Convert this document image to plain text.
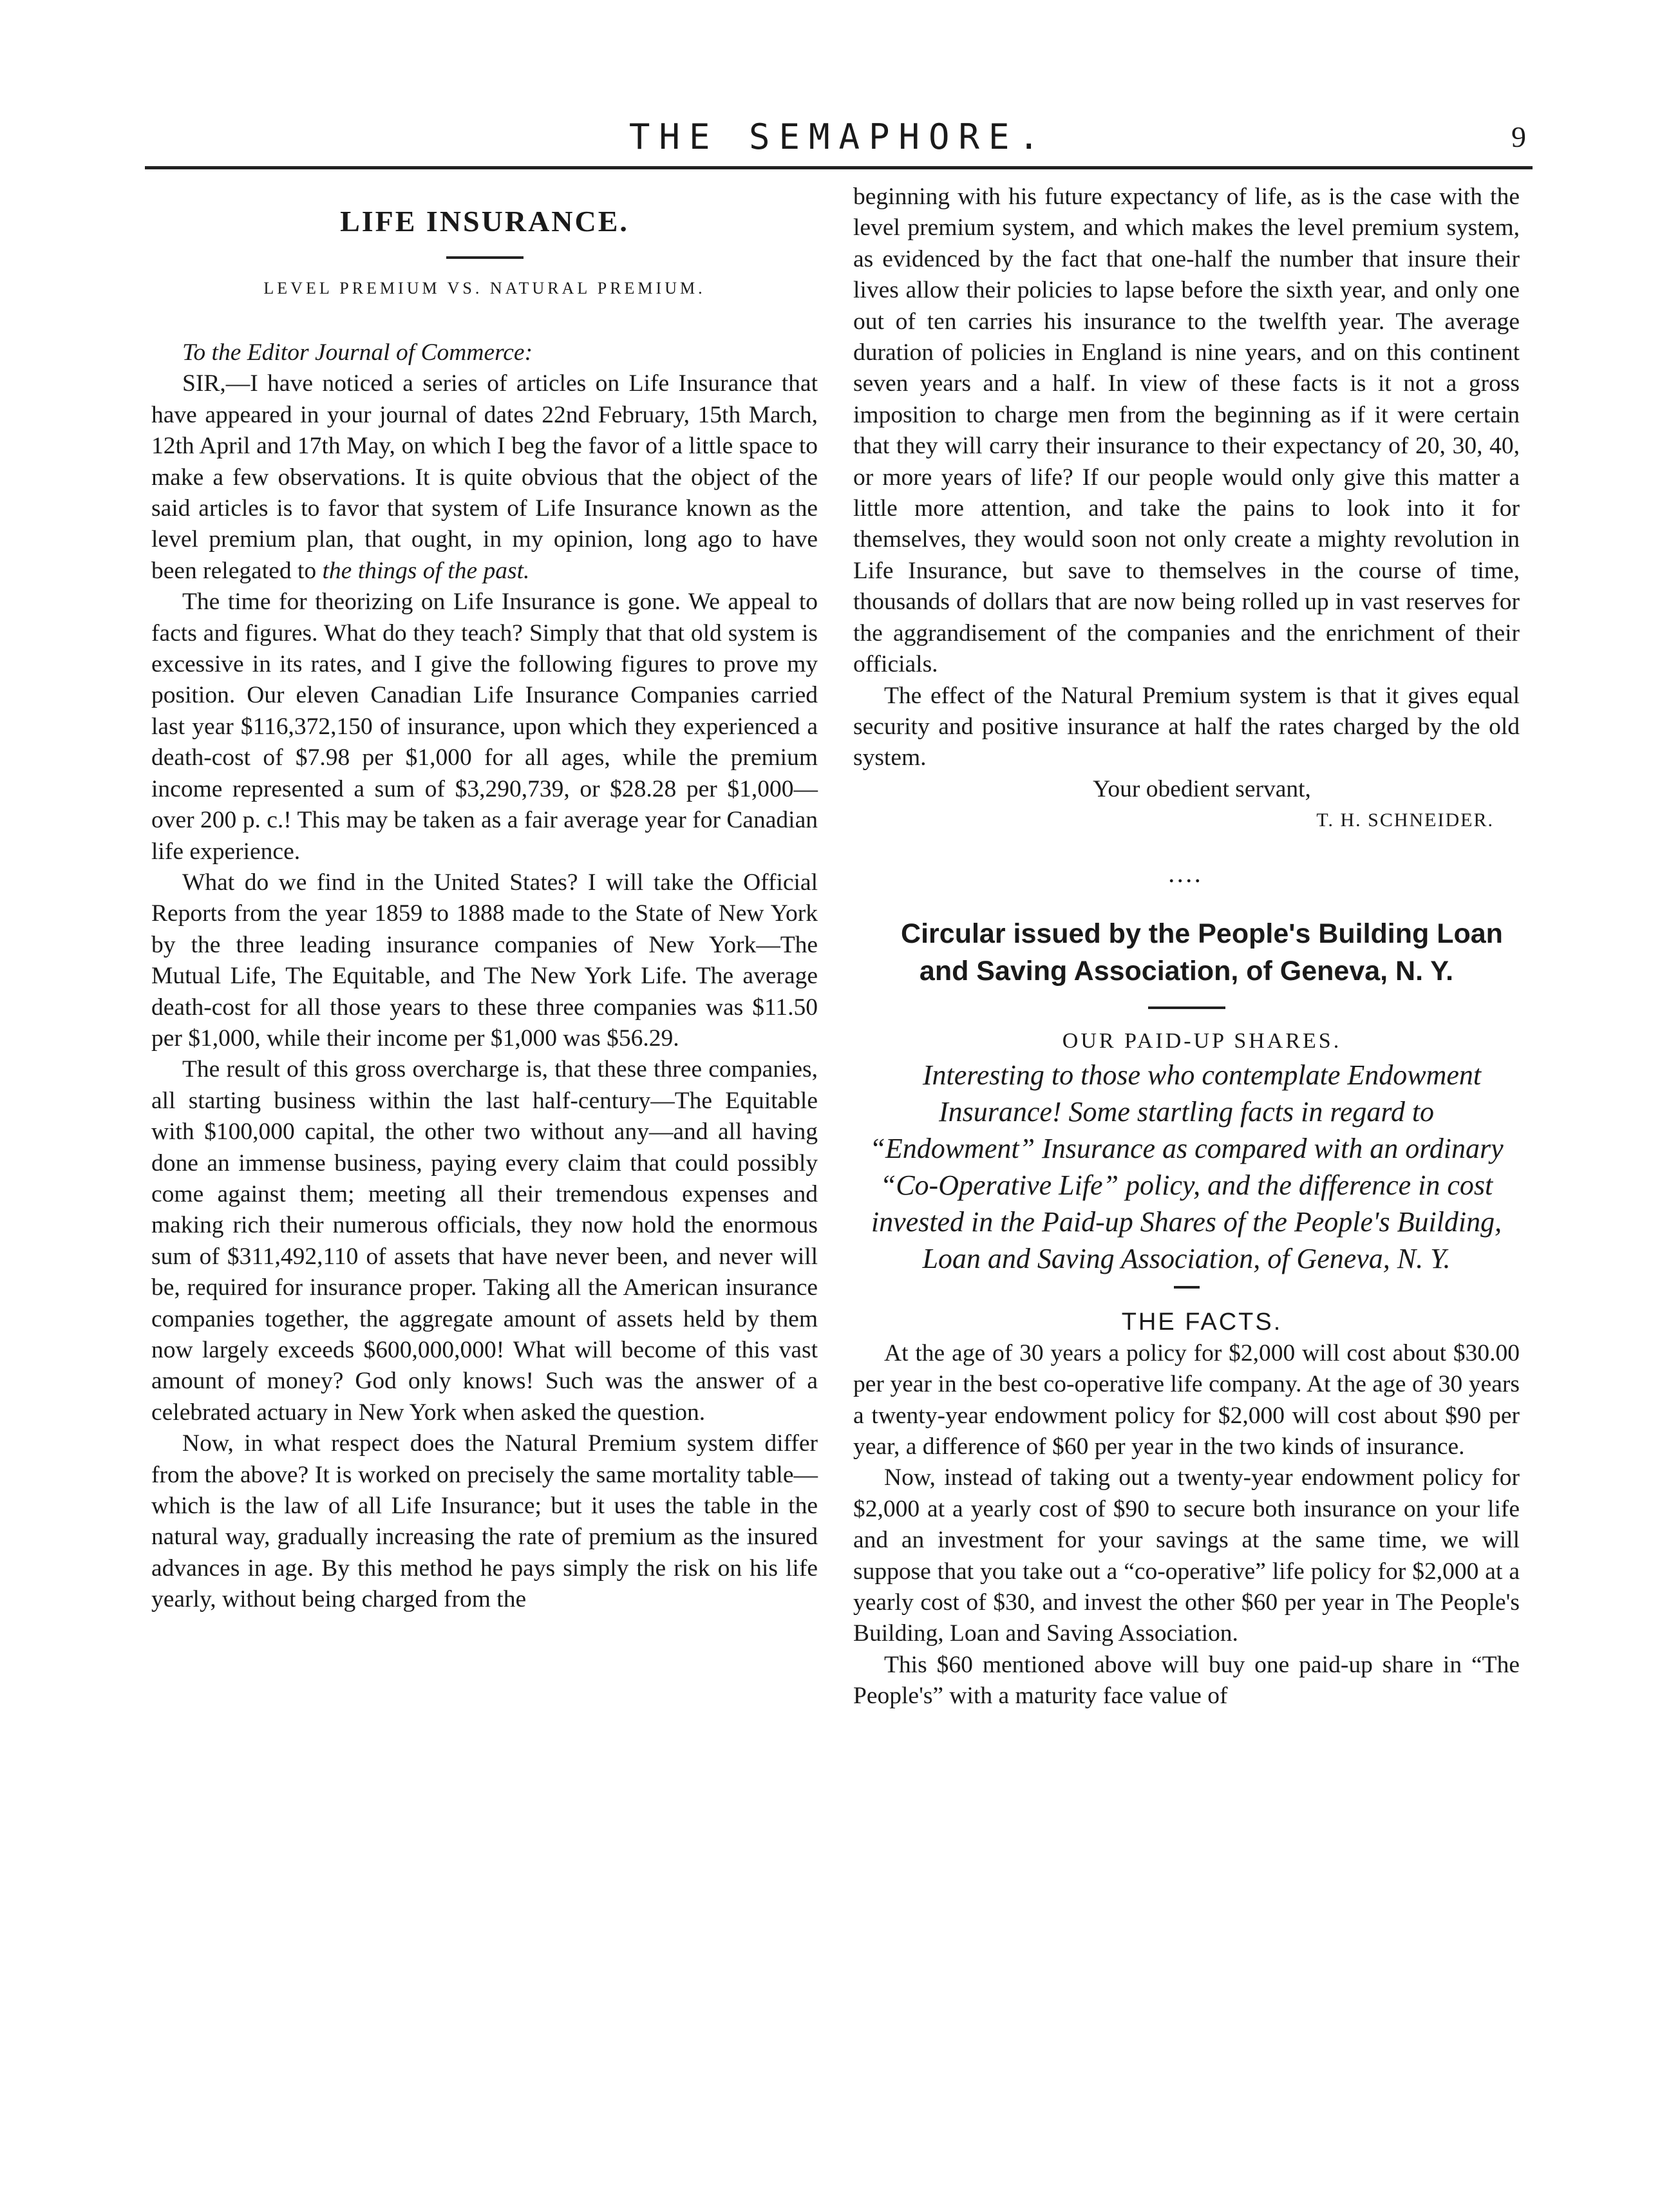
THE SEMAPHORE.	9
LIFE INSURANCE.
LEVEL PREMIUM VS. NATURAL PREMIUM.

To the Editor Journal of Commerce:

SIR,—I have noticed a series of articles on Life Insurance that have appeared in your journal of dates 22nd February, 15th March, 12th April and 17th May, on which I beg the favor of a little space to make a few observations. It is quite obvious that the object of the said articles is to favor that system of Life Insurance known as the level premium plan, that ought, in my opinion, long ago to have been relegated to the things of the past.

The time for theorizing on Life Insurance is gone. We appeal to facts and figures. What do they teach? Simply that that old system is excessive in its rates, and I give the following figures to prove my position. Our eleven Canadian Life Insurance Companies carried last year $116,372,150 of insurance, upon which they experienced a death-cost of $7.98 per $1,000 for all ages, while the premium income represented a sum of $3,290,739, or $28.28 per $1,000—over 200 p. c.! This may be taken as a fair average year for Canadian life experience.

What do we find in the United States? I will take the Official Reports from the year 1859 to 1888 made to the State of New York by the three leading insurance companies of New York—The Mutual Life, The Equitable, and The New York Life. The average death-cost for all those years to these three companies was $11.50 per $1,000, while their income per $1,000 was $56.29.

The result of this gross overcharge is, that these three companies, all starting business within the last half-century—The Equitable with $100,000 capital, the other two without any—and all having done an immense business, paying every claim that could possibly come against them; meeting all their tremendous expenses and making rich their numerous officials, they now hold the enormous sum of $311,492,110 of assets that have never been, and never will be, required for insurance proper. Taking all the American insurance companies together, the aggregate amount of assets held by them now largely exceeds $600,000,000! What will become of this vast amount of money? God only knows! Such was the answer of a celebrated actuary in New York when asked the question.

Now, in what respect does the Natural Premium system differ from the above? It is worked on precisely the same mortality table—which is the law of all Life Insurance; but it uses the table in the natural way, gradually increasing the rate of premium as the insured advances in age. By this method he pays simply the risk on his life yearly, without being charged from the

beginning with his future expectancy of life, as is the case with the level premium system, and which makes the level premium system, as evidenced by the fact that one-half the number that insure their lives allow their policies to lapse before the sixth year, and only one out of ten carries his insurance to the twelfth year. The average duration of policies in England is nine years, and on this continent seven years and a half. In view of these facts is it not a gross imposition to charge men from the beginning as if it were certain that they will carry their insurance to their expectancy of 20, 30, 40, or more years of life? If our people would only give this matter a little more attention, and take the pains to look into it for themselves, they would soon not only create a mighty revolution in Life Insurance, but save to themselves in the course of time, thousands of dollars that are now being rolled up in vast reserves for the aggrandisement of the companies and the enrichment of their officials.

The effect of the Natural Premium system is that it gives equal security and positive insurance at half the rates charged by the old system.

Your obedient servant,

T. H. SCHNEIDER.

....

Circular issued by the People's Building Loan and Saving Association, of Geneva, N. Y.

OUR PAID-UP SHARES.

Interesting to those who contemplate Endowment Insurance! Some startling facts in regard to “Endowment” Insurance as compared with an ordinary “Co-Operative Life” policy, and the difference in cost invested in the Paid-up Shares of the People's Building, Loan and Saving Association, of Geneva, N. Y.

THE FACTS.

At the age of 30 years a policy for $2,000 will cost about $30.00 per year in the best co-operative life company. At the age of 30 years a twenty-year endowment policy for $2,000 will cost about $90 per year, a difference of $60 per year in the two kinds of insurance.

Now, instead of taking out a twenty-year endowment policy for $2,000 at a yearly cost of $90 to secure both insurance on your life and an investment for your savings at the same time, we will suppose that you take out a “co-operative” life policy for $2,000 at a yearly cost of $30, and invest the other $60 per year in The People's Building, Loan and Saving Association.

This $60 mentioned above will buy one paid-up share in “The People's” with a maturity face value of
